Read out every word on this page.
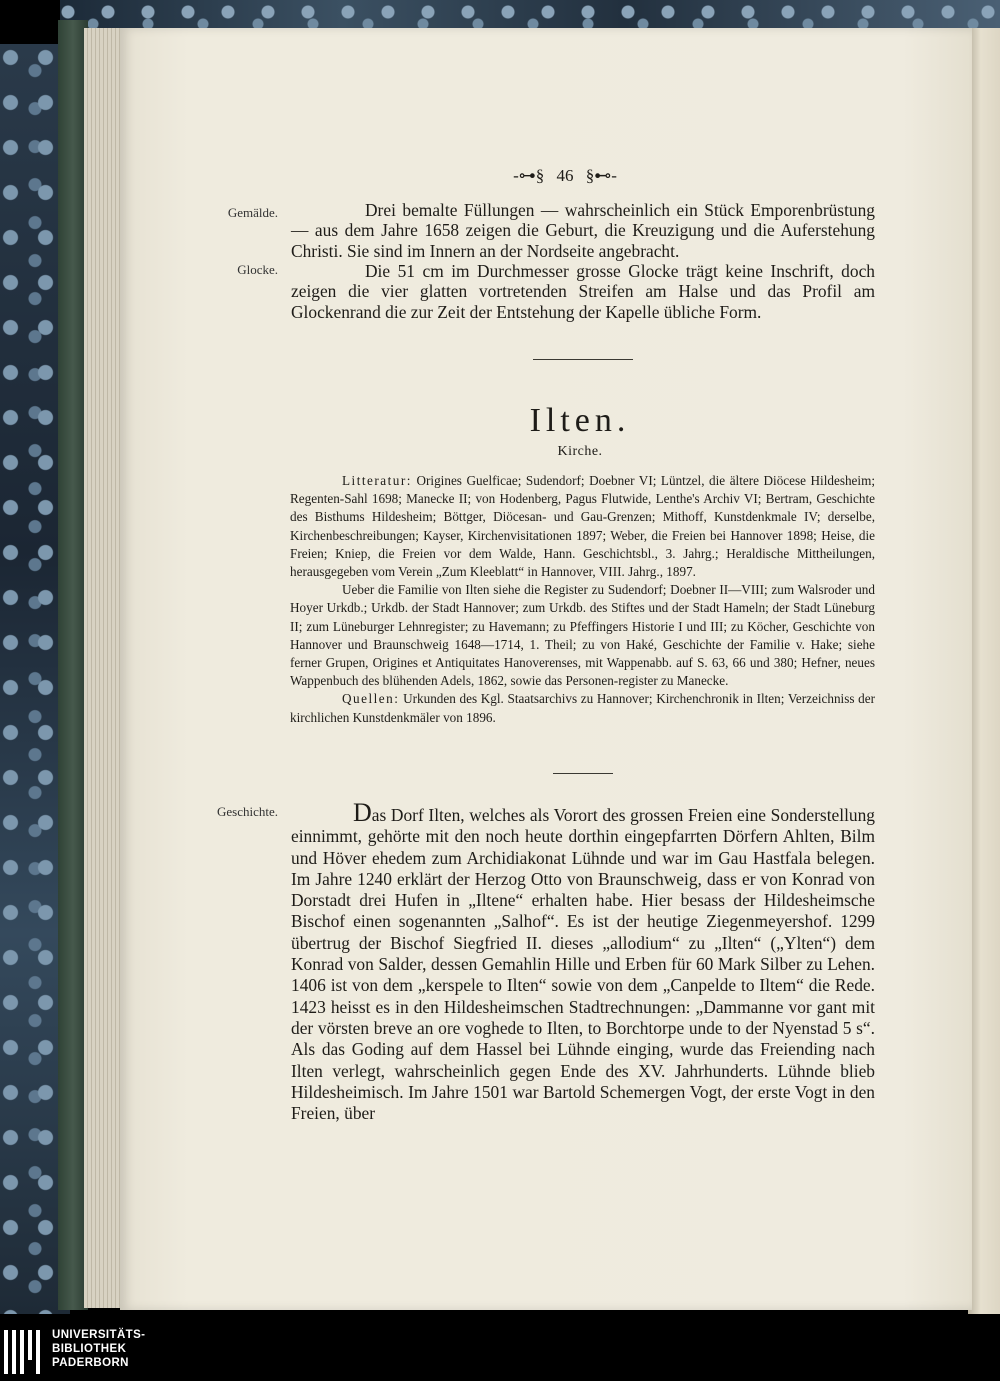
-⊶§ 46 §⊷-
Gemälde.
Glocke.

Drei bemalte Füllungen — wahrscheinlich ein Stück Emporenbrüstung — aus dem Jahre 1658 zeigen die Geburt, die Kreuzigung und die Auferstehung Christi. Sie sind im Innern an der Nordseite angebracht.

Die 51 cm im Durchmesser grosse Glocke trägt keine Inschrift, doch zeigen die vier glatten vortretenden Streifen am Halse und das Profil am Glockenrand die zur Zeit der Entstehung der Kapelle übliche Form.

Ilten.
Kirche.

Litteratur: Origines Guelficae; Sudendorf; Doebner VI; Lüntzel, die ältere Diöcese Hildesheim; Regenten-Sahl 1698; Manecke II; von Hodenberg, Pagus Flutwide, Lenthe's Archiv VI; Bertram, Geschichte des Bisthums Hildesheim; Böttger, Diöcesan- und Gau-Grenzen; Mithoff, Kunstdenkmale IV; derselbe, Kirchenbeschreibungen; Kayser, Kirchenvisitationen 1897; Weber, die Freien bei Hannover 1898; Heise, die Freien; Kniep, die Freien vor dem Walde, Hann. Geschichtsbl., 3. Jahrg.; Heraldische Mittheilungen, herausgegeben vom Verein „Zum Kleeblatt“ in Hannover, VIII. Jahrg., 1897.

Ueber die Familie von Ilten siehe die Register zu Sudendorf; Doebner II—VIII; zum Walsroder und Hoyer Urkdb.; Urkdb. der Stadt Hannover; zum Urkdb. des Stiftes und der Stadt Hameln; der Stadt Lüneburg II; zum Lüneburger Lehnregister; zu Havemann; zu Pfeffingers Historie I und III; zu Köcher, Geschichte von Hannover und Braunschweig 1648—1714, 1. Theil; zu von Haké, Geschichte der Familie v. Hake; siehe ferner Grupen, Origines et Antiquitates Hanoverenses, mit Wappenabb. auf S. 63, 66 und 380; Hefner, neues Wappenbuch des blühenden Adels, 1862, sowie das Personen-register zu Manecke.

Quellen: Urkunden des Kgl. Staatsarchivs zu Hannover; Kirchenchronik in Ilten; Verzeichniss der kirchlichen Kunstdenkmäler von 1896.

Geschichte.	Das Dorf Ilten, welches als Vorort des grossen Freien eine Sonderstellung einnimmt, gehörte mit den noch heute dorthin eingepfarrten Dörfern Ahlten, Bilm und Höver ehedem zum Archidiakonat Lühnde und war im Gau Hastfala belegen. Im Jahre 1240 erklärt der Herzog Otto von Braunschweig, dass er von Konrad von Dorstadt drei Hufen in „Iltene“ erhalten habe. Hier besass der Hildesheimsche Bischof einen sogenannten „Salhof“. Es ist der heutige Ziegenmeyershof. 1299 übertrug der Bischof Siegfried II. dieses „allodium“ zu „Ilten“ („Ylten“) dem Konrad von Salder, dessen Gemahlin Hille und Erben für 60 Mark Silber zu Lehen. 1406 ist von dem „kerspele to Ilten“ sowie von dem „Canpelde to Iltem“ die Rede. 1423 heisst es in den Hildesheimschen Stadtrechnungen: „Dammanne vor gant mit der vörsten breve an ore voghede to Ilten, to Borchtorpe unde to der Nyenstad 5 s“. Als das Goding auf dem Hassel bei Lühnde einging, wurde das Freiending nach Ilten verlegt, wahrscheinlich gegen Ende des XV. Jahrhunderts. Lühnde blieb Hildesheimisch. Im Jahre 1501 war Bartold Schemergen Vogt, der erste Vogt in den Freien, über

UNIVERSITÄTS-
BIBLIOTHEK
PADERBORN
